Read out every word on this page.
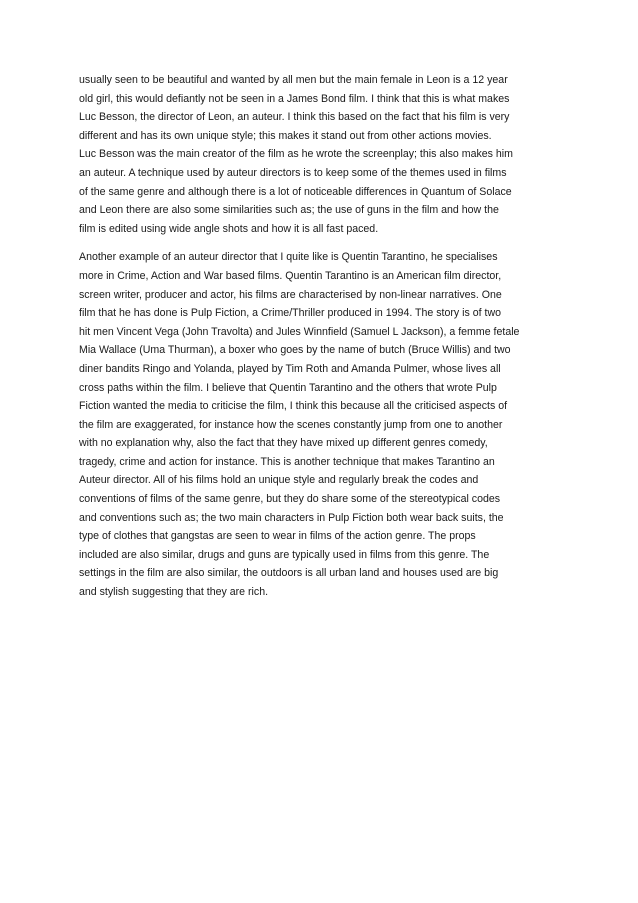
usually seen to be beautiful and wanted by all men but the main female in Leon is a 12 year
old girl, this would defiantly not be seen in a James Bond film. I think that this is what makes
Luc Besson, the director of Leon, an auteur. I think this based on the fact that his film is very
different and has its own unique style; this makes it stand out from other actions movies.
Luc Besson was the main creator of the film as he wrote the screenplay; this also makes him
an auteur. A technique used by auteur directors is to keep some of the themes used in films
of the same genre and although there is a lot of noticeable differences in Quantum of Solace
and Leon there are also some similarities such as; the use of guns in the film and how the
film is edited using wide angle shots and how it is all fast paced.
Another example of an auteur director that I quite like is Quentin Tarantino, he specialises
more in Crime, Action and War based films. Quentin Tarantino is an American film director,
screen writer, producer and actor, his films are characterised by non-linear narratives. One
film that he has done is Pulp Fiction, a Crime/Thriller produced in 1994. The story is of two
hit men Vincent Vega (John Travolta) and Jules Winnfield (Samuel L Jackson), a femme fetale
Mia Wallace (Uma Thurman), a boxer who goes by the name of butch (Bruce Willis) and two
diner bandits Ringo and Yolanda, played by Tim Roth and Amanda Pulmer, whose lives all
cross paths within the film. I believe that Quentin Tarantino and the others that wrote Pulp
Fiction wanted the media to criticise the film, I think this because all the criticised aspects of
the film are exaggerated, for instance how the scenes constantly jump from one to another
with no explanation why, also the fact that they have mixed up different genres comedy,
tragedy, crime and action for instance. This is another technique that makes Tarantino an
Auteur director. All of his films hold an unique style and regularly break the codes and
conventions of films of the same genre, but they do share some of the stereotypical codes
and conventions such as; the two main characters in Pulp Fiction both wear back suits, the
type of clothes that gangstas are seen to wear in films of the action genre. The props
included are also similar, drugs and guns are typically used in films from this genre. The
settings in the film are also similar, the outdoors is all urban land and houses used are big
and stylish suggesting that they are rich.
